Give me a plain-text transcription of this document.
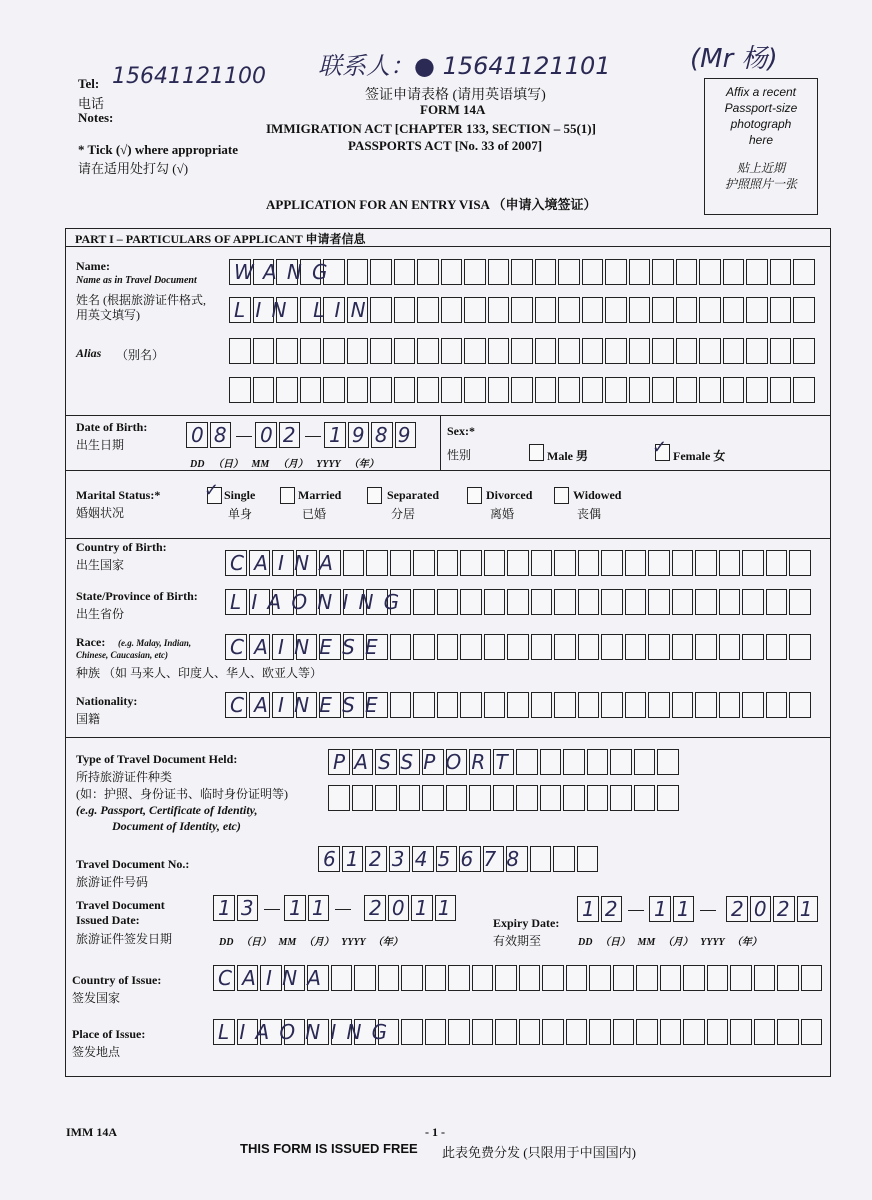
Tel: 15641121100
电话
Notes:
* Tick (√) where appropriate
请在适用处打勾 (√)
联系人：● 15641121101	(Mr 杨)
签证申请表格 (请用英语填写)
FORM 14A
IMMIGRATION ACT [CHAPTER 133, SECTION – 55(1)]
PASSPORTS ACT [No. 33 of 2007]
APPLICATION FOR AN ENTRY VISA （申请入境签证）
Affix a recent
Passport-size
photograph
here
贴上近期
护照照片一张
PART I – PARTICULARS OF APPLICANT 申请者信息
Name:
Name as in Travel Document
姓名 (根据旅游证件格式,
用英文填写)
WANG
LIN LIN
Alias （别名）
Date of Birth:
出生日期	08 02 1989
DD （日） MM （月） YYYY （年）
Sex:*
性别	Male 男	✓ Female 女
Marital Status:*
婚姻状况
✓ Single
单身
Married
已婚
Separated
分居
Divorced
离婚
Widowed
丧偶
Country of Birth:
出生国家	CAINA
State/Province of Birth:
出生省份	LIAONING
Race: (e.g. Malay, Indian,
Chinese, Caucasian, etc)
种族 （如 马来人、印度人、华人、欧亚人等）
CAINESE
Nationality:
国籍
CAINESE
Type of Travel Document Held:
所持旅游证件种类
(如：护照、身份证书、临时身份证明等)
(e.g. Passport, Certificate of Identity,
Document of Identity, etc)
PASSPORT
Travel Document No.:
旅游证件号码
612345678
Travel Document
Issued Date:
旅游证件签发日期
13 11 2011
DD （日） MM （月） YYYY （年）
Expiry Date:
有效期至
12 11 2021
DD （日） MM （月） YYYY （年）
Country of Issue:
签发国家
CAINA
Place of Issue:
签发地点
LIAONING
IMM 14A	- 1 -
THIS FORM IS ISSUED FREE 此表免费分发 (只限用于中国国内)
